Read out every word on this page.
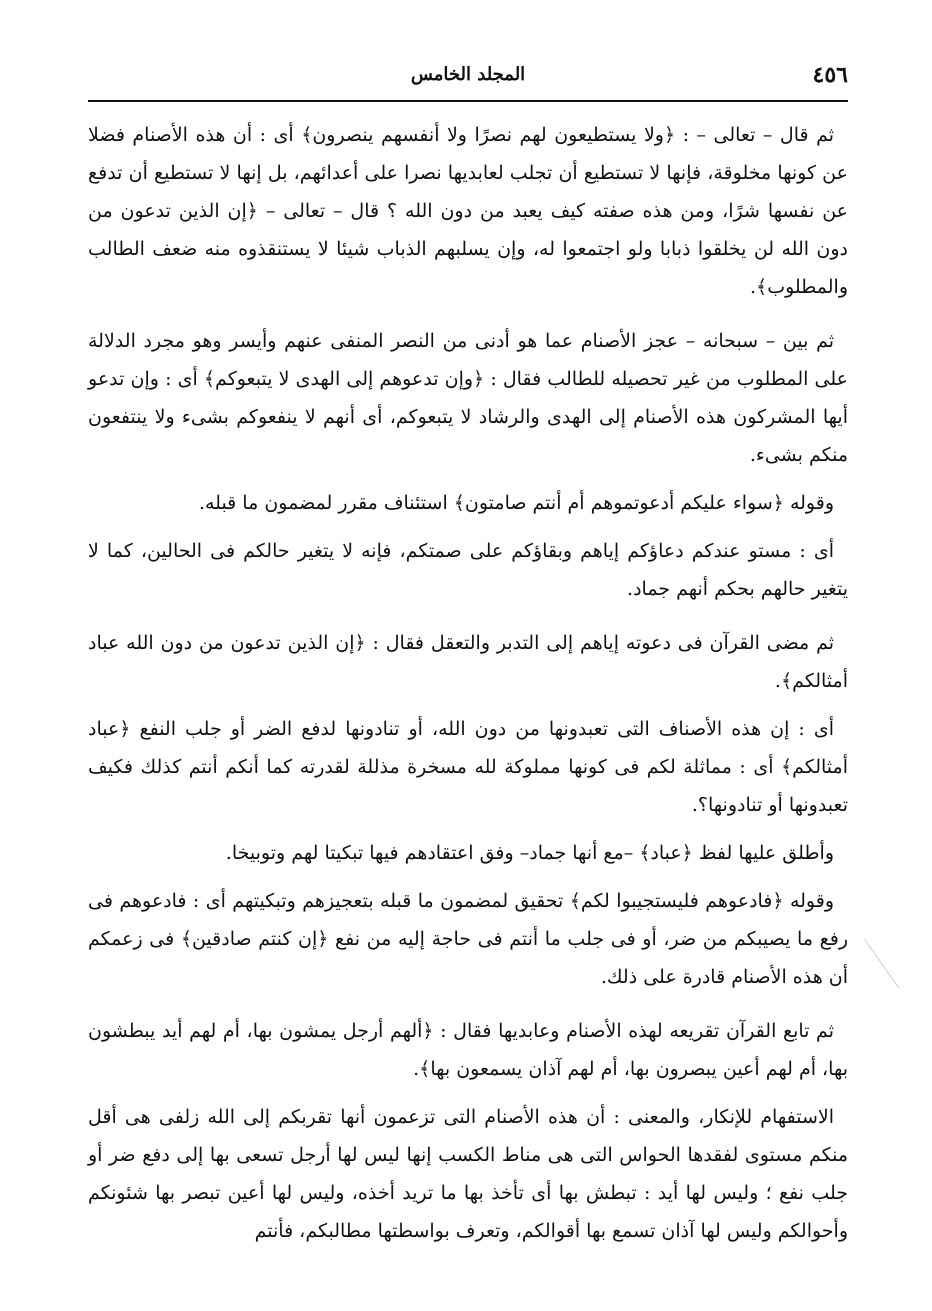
٤٥٦
المجلد الخامس

ثم قال – تعالى – : ﴿ولا يستطيعون لهم نصرًا ولا أنفسهم ينصرون﴾ أى : أن هذه الأصنام فضلا عن كونها مخلوقة، فإنها لا تستطيع أن تجلب لعابديها نصرا على أعدائهم، بل إنها لا تستطيع أن تدفع عن نفسها شرًا، ومن هذه صفته كيف يعبد من دون الله ؟ قال – تعالى – ﴿إن الذين تدعون من دون الله لن يخلقوا ذبابا ولو اجتمعوا له، وإن يسلبهم الذباب شيئا لا يستنقذوه منه ضعف الطالب والمطلوب﴾.

ثم بين – سبحانه – عجز الأصنام عما هو أدنى من النصر المنفى عنهم وأيسر وهو مجرد الدلالة على المطلوب من غير تحصيله للطالب فقال : ﴿وإن تدعوهم إلى الهدى لا يتبعوكم﴾ أى : وإن تدعو أيها المشركون هذه الأصنام إلى الهدى والرشاد لا يتبعوكم، أى أنهم لا ينفعوكم بشىء ولا ينتفعون منكم بشىء.

وقوله ﴿سواء عليكم أدعوتموهم أم أنتم صامتون﴾ استئناف مقرر لمضمون ما قبله.

أى : مستو عندكم دعاؤكم إياهم وبقاؤكم على صمتكم، فإنه لا يتغير حالكم فى الحالين، كما لا يتغير حالهم بحكم أنهم جماد.

ثم مضى القرآن فى دعوته إياهم إلى التدبر والتعقل فقال : ﴿إن الذين تدعون من دون الله عباد أمثالكم﴾.

أى : إن هذه الأصناف التى تعبدونها من دون الله، أو تنادونها لدفع الضر أو جلب النفع ﴿عباد أمثالكم﴾ أى : مماثلة لكم فى كونها مملوكة لله مسخرة مذللة لقدرته كما أنكم أنتم كذلك فكيف تعبدونها أو تنادونها؟.

وأطلق عليها لفظ ﴿عباد﴾ –مع أنها جماد– وفق اعتقادهم فيها تبكيتا لهم وتوبيخا.

وقوله ﴿فادعوهم فليستجيبوا لكم﴾ تحقيق لمضمون ما قبله بتعجيزهم وتبكيتهم أى : فادعوهم فى رفع ما يصيبكم من ضر، أو فى جلب ما أنتم فى حاجة إليه من نفع ﴿إن كنتم صادقين﴾ فى زعمكم أن هذه الأصنام قادرة على ذلك.

ثم تابع القرآن تقريعه لهذه الأصنام وعابديها فقال : ﴿ألهم أرجل يمشون بها، أم لهم أيد يبطشون بها، أم لهم أعين يبصرون بها، أم لهم آذان يسمعون بها﴾.

الاستفهام للإنكار، والمعنى : أن هذه الأصنام التى تزعمون أنها تقربكم إلى الله زلفى هى أقل منكم مستوى لفقدها الحواس التى هى مناط الكسب إنها ليس لها أرجل تسعى بها إلى دفع ضر أو جلب نفع ؛ وليس لها أيد : تبطش بها أى تأخذ بها ما تريد أخذه، وليس لها أعين تبصر بها شئونكم وأحوالكم وليس لها آذان تسمع بها أقوالكم، وتعرف بواسطتها مطالبكم، فأنتم
